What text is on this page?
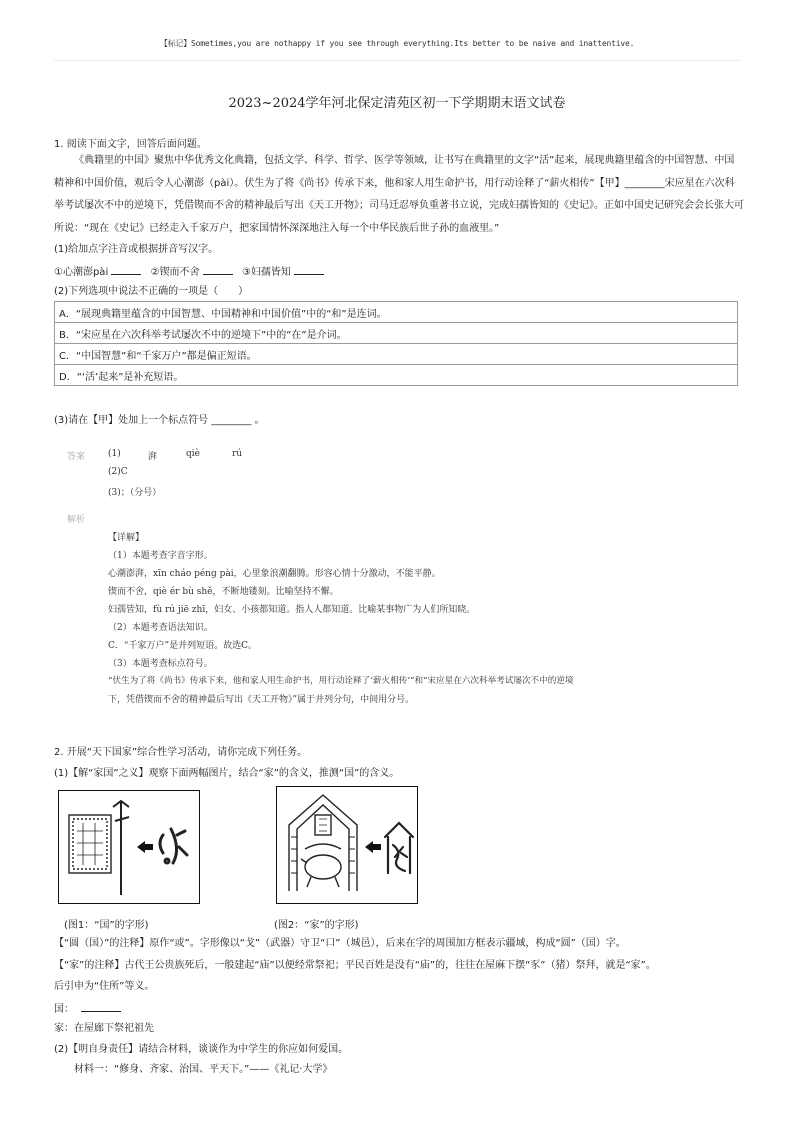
【标记】Sometimes,you are nothappy if you see through everything.Its better to be naive and inattentive.
2023~2024学年河北保定清苑区初一下学期期末语文试卷
1. 阅读下面文字，回答后面问题。
《典籍里的中国》聚焦中华优秀文化典籍，包括文学、科学、哲学、医学等领域，让书写在典籍里的文字“活”起来，展现典籍里蕴含的中国智慧、中国精神和中国价值，观后令人心潮澎（pài）。伏生为了将《尚书》传承下来，他和家人用生命护书，用行动诠释了“薪火相传”【甲】________宋应星在六次科举考试屡次不中的逆境下，凭借锲而不舍的精神最后写出《天工开物》；司马迁忍辱负重著书立说，完成妇孺皆知的《史记》。正如中国史记研究会会长张大可所说：“现在《史记》已经走入千家万户，把家国情怀深深地注入每一个中华民族后世子孙的血液里。”
(1)给加点字注音或根据拼音写汉字。
①心潮澎pài	②锲而不舍	③妇孺皆知
(2)下列选项中说法不正确的一项是（　　）
A．“展现典籍里蕴含的中国智慧、中国精神和中国价值”中的“和”是连词。
B．“宋应星在六次科举考试屡次不中的逆境下”中的“在”是介词。
C．“中国智慧”和“千家万户”都是偏正短语。
D．“‘活’起来”是补充短语。
(3)请在【甲】处加上一个标点符号 ________ 。
答案	(1)	湃	qiè	rú
(2)C
(3)；（分号）
解析
【详解】
（1）本题考查字音字形。
心潮澎湃，xīn cháo péng pài，心里象浪潮翻腾。形容心情十分激动，不能平静。
锲而不舍，qiè ér bù shě，不断地镂刻。比喻坚持不懈。
妇孺皆知，fù rú jiē zhī，妇女、小孩都知道。指人人都知道。比喻某事物广为人们所知晓。
（2）本题考查语法知识。
C．“千家万户”是并列短语。故选C。
（3）本题考查标点符号。
“伏生为了将《尚书》传承下来，他和家人用生命护书，用行动诠释了‘薪火相传’”和“宋应星在六次科举考试屡次不中的逆境
下，凭借锲而不舍的精神最后写出《天工开物》”属于并列分句，中间用分号。
2. 开展“天下国家”综合性学习活动，请你完成下列任务。
(1)【解“家国”之义】观察下面两幅图片，结合“家”的含义，推测“国”的含义。
(图1：“国”的字形)	(图2：“家”的字形)
【“圆（国）”的注释】原作“或”。字形像以“戈”（武器）守卫“口”（城邑），后来在字的周围加方框表示疆域，构成“圆”（国）字。
【“家”的注释】古代王公贵族死后，一般建起“庙”以便经常祭祀；平民百姓是没有“庙”的，往往在屋麻下摆“豕”（猪）祭拜，就是“家”。
后引申为“住所”等义。
国：
家：在屋廊下祭祀祖先
(2)【明自身责任】请结合材料，谈谈作为中学生的你应如何爱国。
材料一：“修身、齐家、治国、平天下。”——《礼记·大学》
